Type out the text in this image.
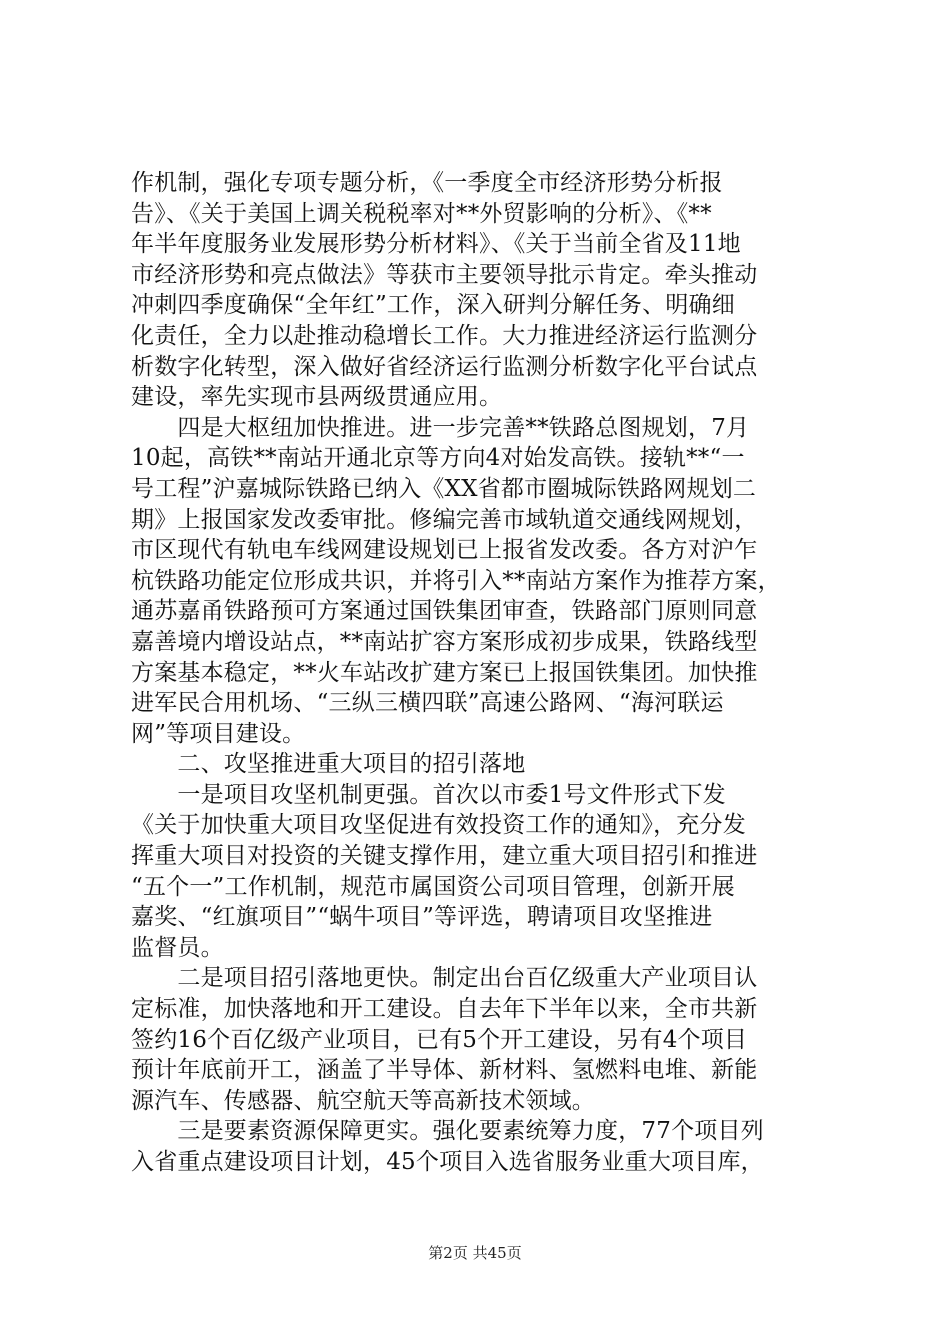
作机制，强化专项专题分析，《一季度全市经济形势分析报
告》、《关于美国上调关税税率对**外贸影响的分析》、《**
年半年度服务业发展形势分析材料》、《关于当前全省及11地
市经济形势和亮点做法》等获市主要领导批示肯定。牵头推动
冲刺四季度确保“全年红”工作，深入研判分解任务、明确细
化责任，全力以赴推动稳增长工作。大力推进经济运行监测分
析数字化转型，深入做好省经济运行监测分析数字化平台试点
建设，率先实现市县两级贯通应用。
　　四是大枢纽加快推进。进一步完善**铁路总图规划，7月
10起，高铁**南站开通北京等方向4对始发高铁。接轨**“一
号工程”沪嘉城际铁路已纳入《XX省都市圈城际铁路网规划二
期》上报国家发改委审批。修编完善市域轨道交通线网规划，
市区现代有轨电车线网建设规划已上报省发改委。各方对沪乍
杭铁路功能定位形成共识，并将引入**南站方案作为推荐方案，
通苏嘉甬铁路预可方案通过国铁集团审查，铁路部门原则同意
嘉善境内增设站点，**南站扩容方案形成初步成果，铁路线型
方案基本稳定，**火车站改扩建方案已上报国铁集团。加快推
进军民合用机场、“三纵三横四联”高速公路网、“海河联运
网”等项目建设。
　　二、攻坚推进重大项目的招引落地
　　一是项目攻坚机制更强。首次以市委1号文件形式下发
《关于加快重大项目攻坚促进有效投资工作的通知》，充分发
挥重大项目对投资的关键支撑作用，建立重大项目招引和推进
“五个一”工作机制，规范市属国资公司项目管理，创新开展
嘉奖、“红旗项目”“蜗牛项目”等评选，聘请项目攻坚推进
监督员。
　　二是项目招引落地更快。制定出台百亿级重大产业项目认
定标准，加快落地和开工建设。自去年下半年以来，全市共新
签约16个百亿级产业项目，已有5个开工建设，另有4个项目
预计年底前开工，涵盖了半导体、新材料、氢燃料电堆、新能
源汽车、传感器、航空航天等高新技术领域。
　　三是要素资源保障更实。强化要素统筹力度，77个项目列
入省重点建设项目计划，45个项目入选省服务业重大项目库，
第2页 共45页
